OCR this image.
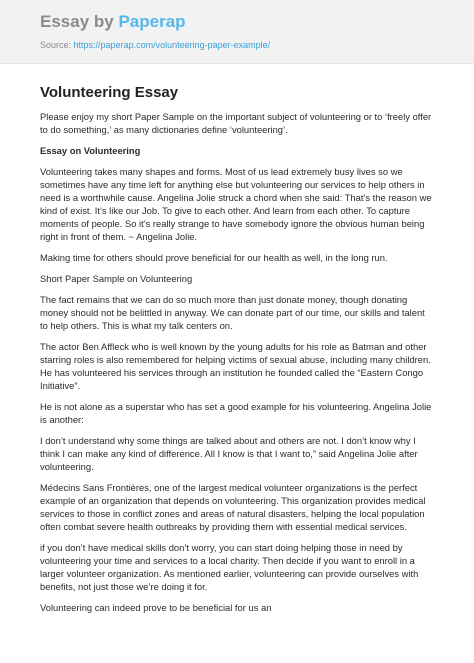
Essay by Paperap
Source: https://paperap.com/volunteering-paper-example/
Volunteering Essay

Please enjoy my short Paper Sample on the important subject of volunteering or to ‘freely offer to do something,’ as many dictionaries define ‘volunteering’.

Essay on Volunteering

Volunteering takes many shapes and forms. Most of us lead extremely busy lives so we sometimes have any time left for anything else but volunteering our services to help others in need is a worthwhile cause. Angelina Jolie struck a chord when she said: That’s the reason we kind of exist. It’s like our Job. To give to each other. And learn from each other. To capture moments of people. So it’s really strange to have somebody ignore the obvious human being right in front of them. ~ Angelina Jolie.

Making time for others should prove beneficial for our health as well, in the long run.

Short Paper Sample on Volunteering

The fact remains that we can do so much more than just donate money, though donating money should not be belittled in anyway. We can donate part of our time, our skills and talent to help others. This is what my talk centers on.

The actor Ben Affleck who is well known by the young adults for his role as Batman and other starring roles is also remembered for helping victims of sexual abuse, including many children. He has volunteered his services through an institution he founded called the “Eastern Congo Initiative”.

He is not alone as a superstar who has set a good example for his volunteering. Angelina Jolie is another:

I don’t understand why some things are talked about and others are not. I don’t know why I think I can make any kind of difference. All I know is that I want to,” said Angelina Jolie after volunteering.

Médecins Sans Frontières, one of the largest medical volunteer organizations is the perfect example of an organization that depends on volunteering. This organization provides medical services to those in conflict zones and areas of natural disasters, helping the local population often combat severe health outbreaks by providing them with essential medical services.

if you don’t have medical skills don’t worry, you can start doing helping those in need by volunteering your time and services to a local charity. Then decide if you want to enroll in a larger volunteer organization. As mentioned earlier, volunteering can provide ourselves with benefits, not just those we’re doing it for.

Volunteering can indeed prove to be beneficial for us an
